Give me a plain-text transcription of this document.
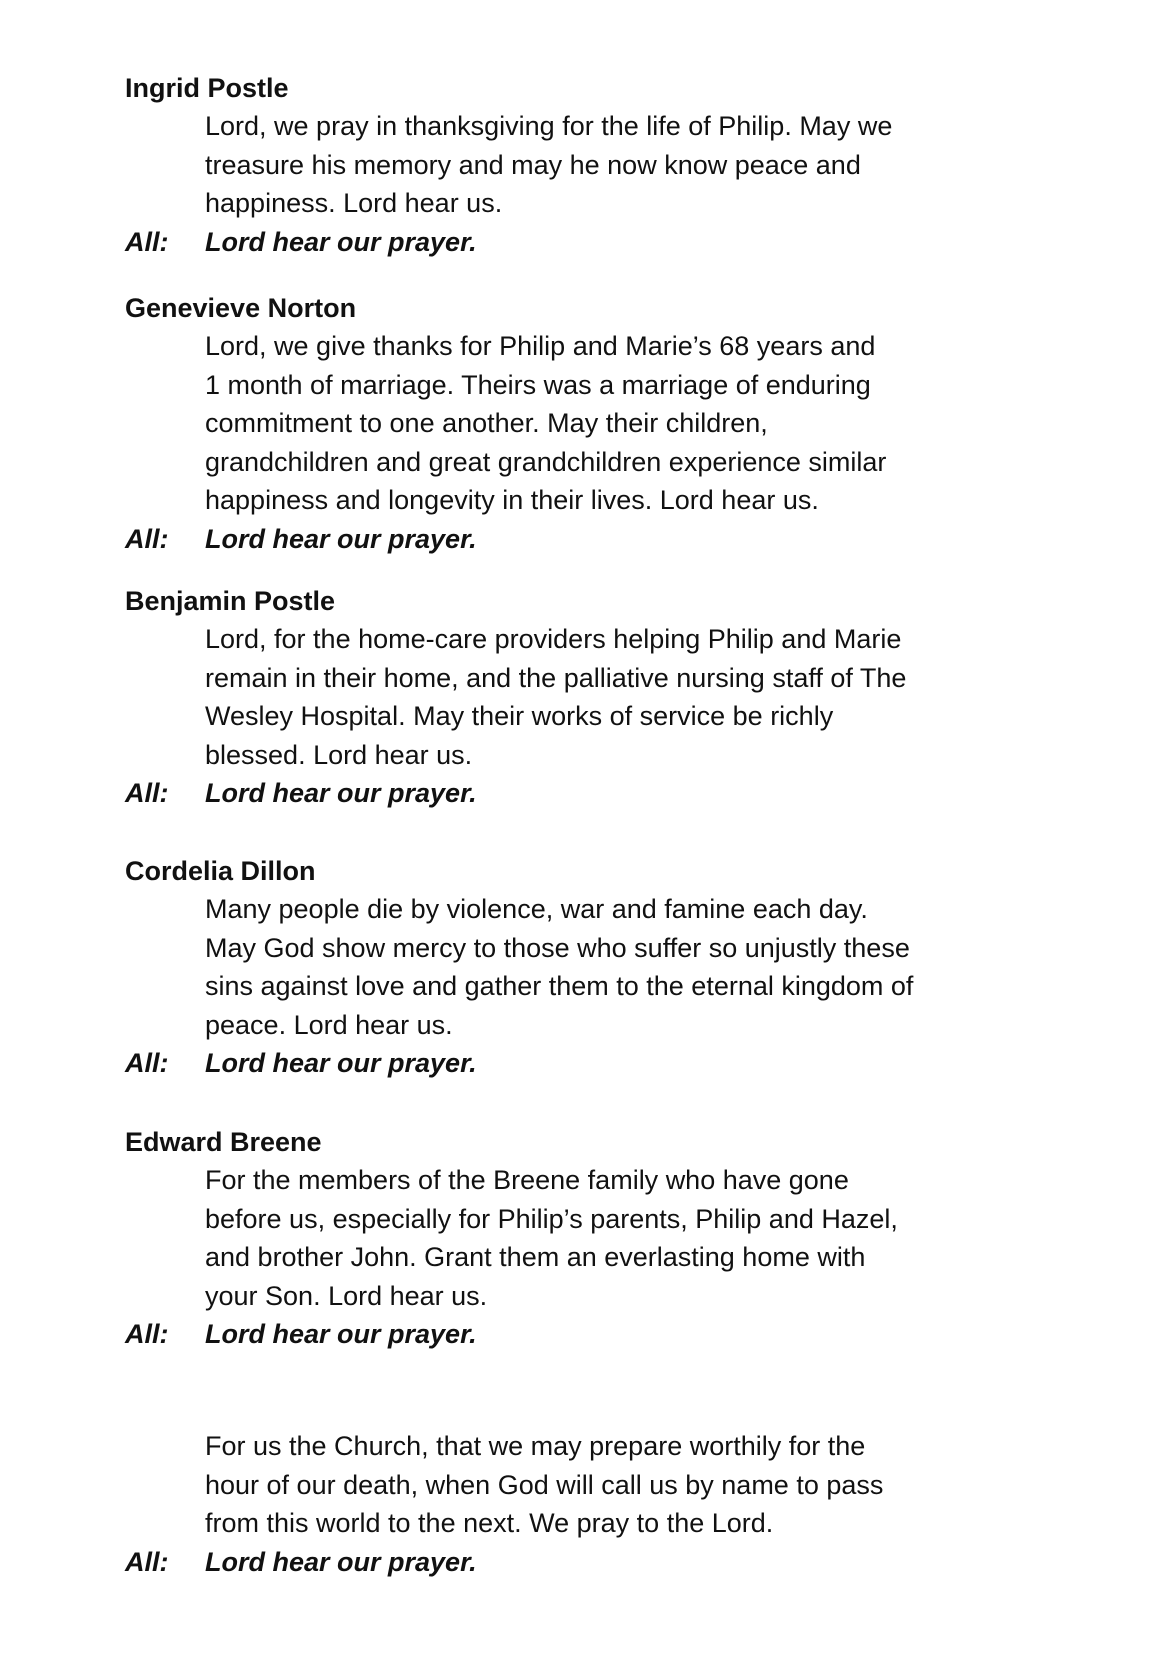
Ingrid Postle
Lord, we pray in thanksgiving for the life of Philip. May we
treasure his memory and may he now know peace and
happiness. Lord hear us.
All: Lord hear our prayer.
Genevieve Norton
Lord, we give thanks for Philip and Marie’s 68 years and
1 month of marriage. Theirs was a marriage of enduring
commitment to one another. May their children,
grandchildren and great grandchildren experience similar
happiness and longevity in their lives. Lord hear us.
All: Lord hear our prayer.
Benjamin Postle
Lord, for the home-care providers helping Philip and Marie
remain in their home, and the palliative nursing staff of The
Wesley Hospital. May their works of service be richly
blessed. Lord hear us.
All: Lord hear our prayer.
Cordelia Dillon
Many people die by violence, war and famine each day.
May God show mercy to those who suffer so unjustly these
sins against love and gather them to the eternal kingdom of
peace. Lord hear us.
All: Lord hear our prayer.
Edward Breene
For the members of the Breene family who have gone
before us, especially for Philip’s parents, Philip and Hazel,
and brother John. Grant them an everlasting home with
your Son. Lord hear us.
All: Lord hear our prayer.
For us the Church, that we may prepare worthily for the
hour of our death, when God will call us by name to pass
from this world to the next. We pray to the Lord.
All: Lord hear our prayer.
